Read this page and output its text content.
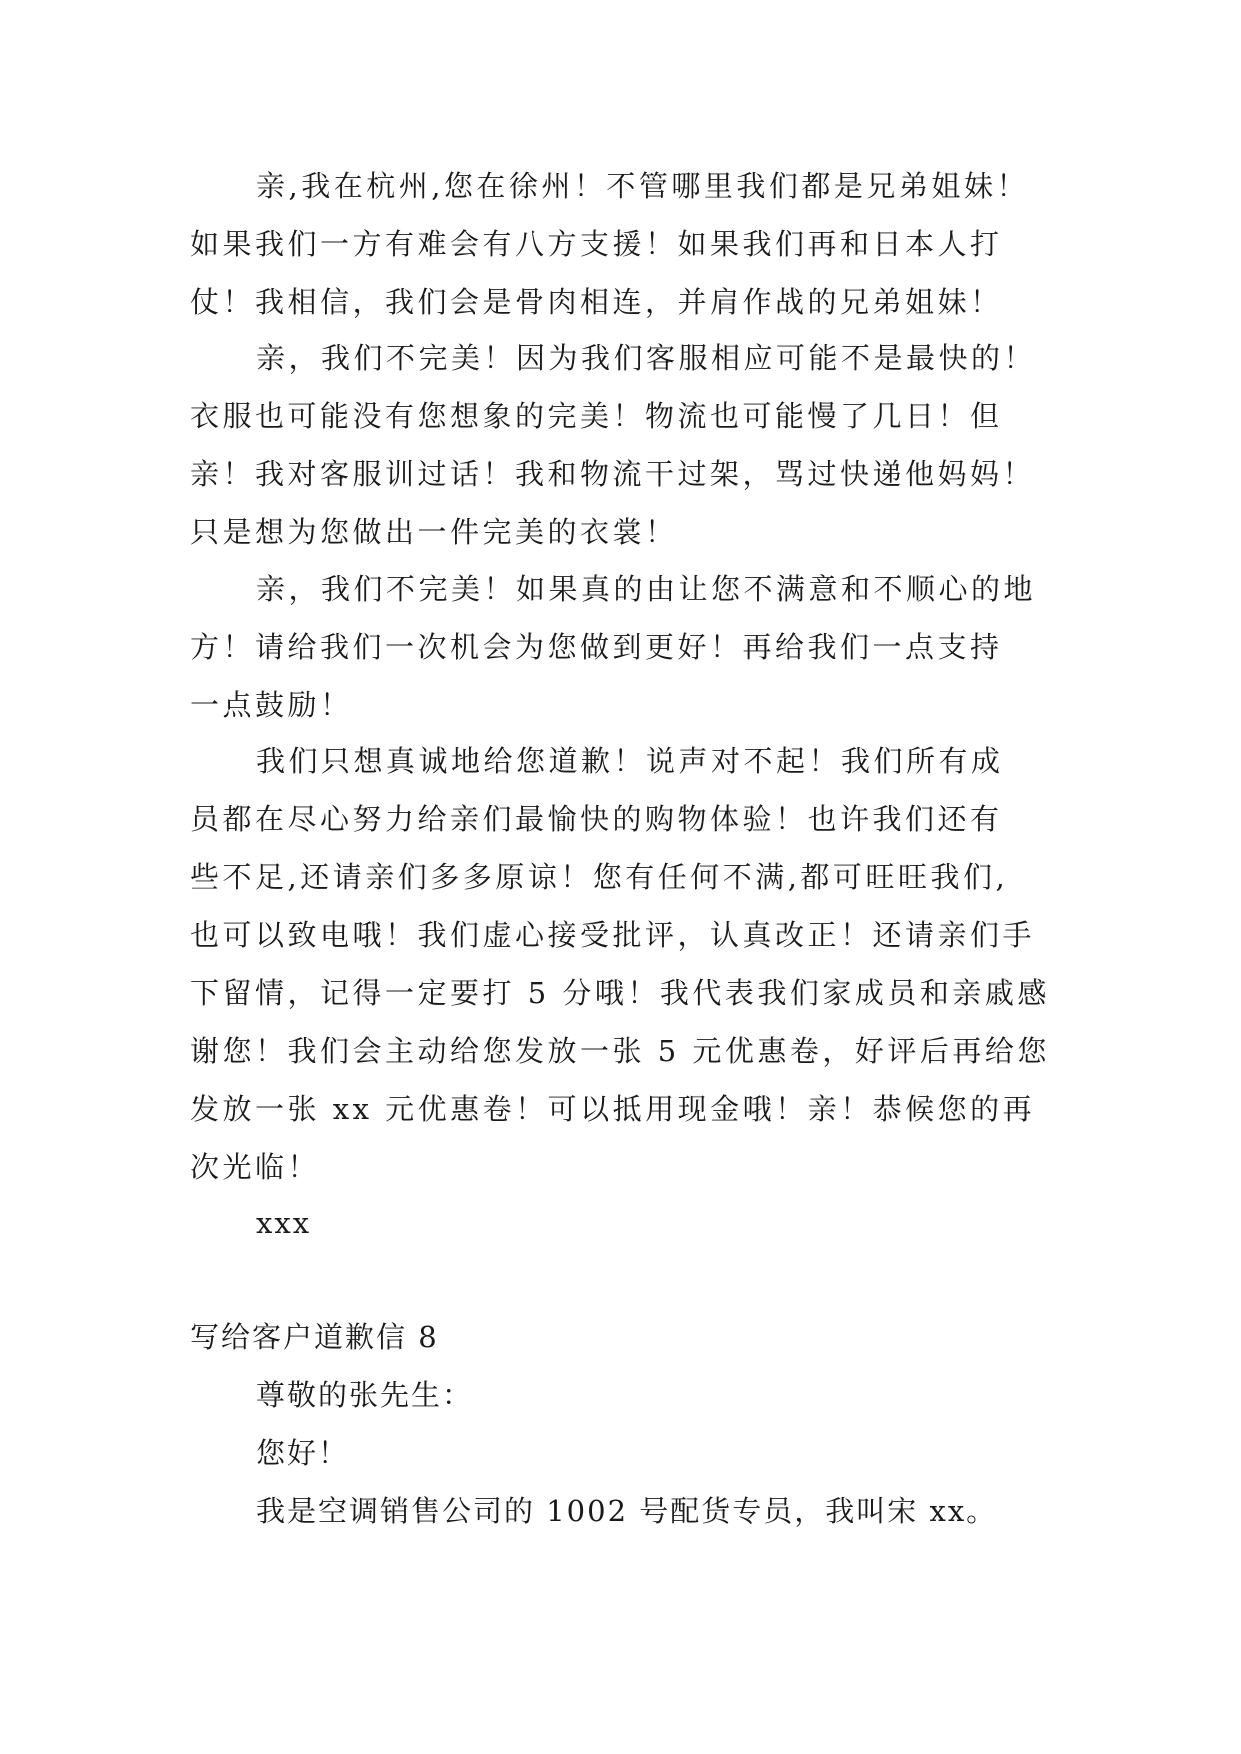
亲,我在杭州,您在徐州！不管哪里我们都是兄弟姐妹！
如果我们一方有难会有八方支援！如果我们再和日本人打
仗！我相信，我们会是骨肉相连，并肩作战的兄弟姐妹！
亲，我们不完美！因为我们客服相应可能不是最快的！
衣服也可能没有您想象的完美！物流也可能慢了几日！但
亲！我对客服训过话！我和物流干过架，骂过快递他妈妈！
只是想为您做出一件完美的衣裳！
亲，我们不完美！如果真的由让您不满意和不顺心的地
方！请给我们一次机会为您做到更好！再给我们一点支持
一点鼓励！
我们只想真诚地给您道歉！说声对不起！我们所有成
员都在尽心努力给亲们最愉快的购物体验！也许我们还有
些不足,还请亲们多多原谅！您有任何不满,都可旺旺我们,
也可以致电哦！我们虚心接受批评，认真改正！还请亲们手
下留情，记得一定要打 5 分哦！我代表我们家成员和亲戚感
谢您！我们会主动给您发放一张 5 元优惠卷，好评后再给您
发放一张 xx 元优惠卷！可以抵用现金哦！亲！恭候您的再
次光临！
xxx
写给客户道歉信 8
尊敬的张先生：
您好！
我是空调销售公司的 1002 号配货专员，我叫宋 xx。
